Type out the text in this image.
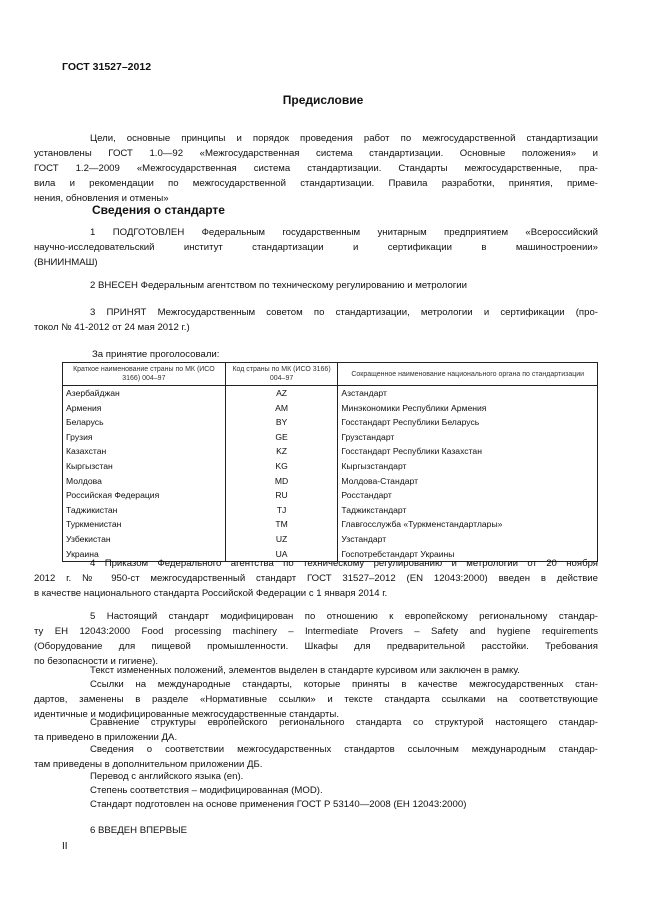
ГОСТ 31527–2012
Предисловие

Цели, основные принципы и порядок проведения работ по межгосударственной стандартизации
установлены ГОСТ 1.0—92 «Межгосударственная система стандартизации. Основные положения» и
ГОСТ 1.2—2009 «Межгосударственная система стандартизации. Стандарты межгосударственные, пра-
вила и рекомендации по межгосударственной стандартизации. Правила разработки, принятия, приме-
нения, обновления и отмены»

Сведения о стандарте

1 ПОДГОТОВЛЕН Федеральным государственным унитарным предприятием «Всероссийский
научно-исследовательский институт стандартизации и сертификации в машиностроении»
(ВНИИНМАШ)

2 ВНЕСЕН Федеральным агентством по техническому регулированию и метрологии

3 ПРИНЯТ Межгосударственным советом по стандартизации, метрологии и сертификации (про-
токол № 41-2012 от 24 мая 2012 г.)

За принятие проголосовали:
Краткое наименование страны по МК (ИСО 3166) 004–97	Код страны по МК (ИСО 3166) 004–97	Сокращенное наименование национального органа по стандартизации
Азербайджан	AZ	Азстандарт
Армения	AM	Минэкономики Республики Армения
Беларусь	BY	Госстандарт Республики Беларусь
Грузия	GE	Грузстандарт
Казахстан	KZ	Госстандарт Республики Казахстан
Кыргызстан	KG	Кыргызстандарт
Молдова	MD	Молдова-Стандарт
Российская Федерация	RU	Росстандарт
Таджикистан	TJ	Таджикстандарт
Туркменистан	TM	Главгосслужба «Туркменстандартлары»
Узбекистан	UZ	Узстандарт
Украина	UA	Госпотребстандарт Украины

4 Приказом Федерального агентства по техническому регулированию и метрологии от 20 ноября
2012 г. № 950-ст межгосударственный стандарт ГОСТ 31527–2012 (EN 12043:2000) введен в действие
в качестве национального стандарта Российской Федерации с 1 января 2014 г.

5 Настоящий стандарт модифицирован по отношению к европейскому региональному стандар-
ту ЕН 12043:2000 Food processing machinery – Intermediate Provers – Safety and hygiene requirements
(Оборудование для пищевой промышленности. Шкафы для предварительной расстойки. Требования
по безопасности и гигиене).

Текст измененных положений, элементов выделен в стандарте курсивом или заключен в рамку.

Ссылки на международные стандарты, которые приняты в качестве межгосударственных стан-
дартов, заменены в разделе «Нормативные ссылки» и тексте стандарта ссылками на соответствующие
идентичные и модифицированные межгосударственные стандарты.

Сравнение структуры европейского регионального стандарта со структурой настоящего стандар-
та приведено в приложении ДА.

Сведения о соответствии межгосударственных стандартов ссылочным международным стандар-
там приведены в дополнительном приложении ДБ.

Перевод с английского языка (en).

Степень соответствия – модифицированная (MOD).

Стандарт подготовлен на основе применения ГОСТ Р 53140—2008 (ЕН 12043:2000)

6 ВВЕДЕН ВПЕРВЫЕ

II
